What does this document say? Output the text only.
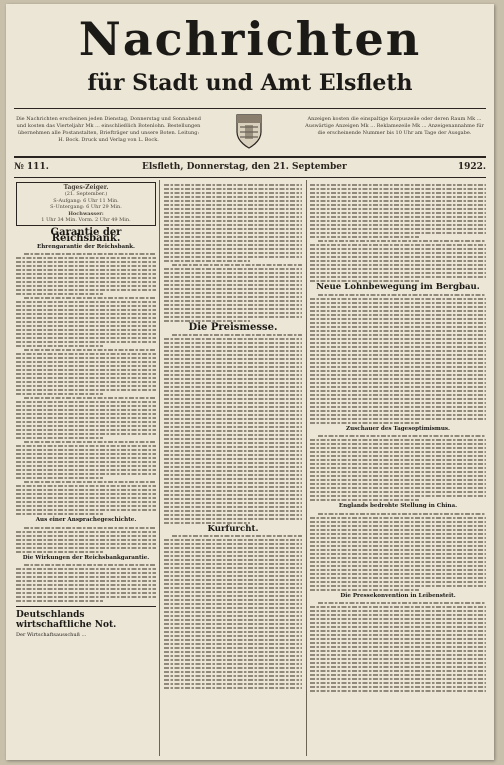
Nachrichten
für Stadt und Amt Elsfleth
Die Nachrichten erscheinen jeden Dienstag, Donnerstag und Sonnabend und kosten das Vierteljahr Mk ... einschließlich Botenlohn. Bestellungen übernehmen alle Postanstalten, Briefträger und unsere Boten. Leitung: H. Bock. Druck und Verlag von L. Bock.
Anzeigen kosten die einspaltige Korpuszeile oder deren Raum Mk ... Auswärtige Anzeigen Mk ... Reklamezeile Mk ... Anzeigenannahme für die erscheinende Nummer bis 10 Uhr am Tage der Ausgabe.
№ 111.	Elsfleth, Donnerstag, den 21. September	1922.
Tages-Zeiger.
(21. September.)
S-Aufgang: 6 Uhr 11 Min.
S-Untergang: 6 Uhr 29 Min.
Hochwasser:
1 Uhr 34 Min. Vorm. 2 Uhr 49 Min.
Garantie der Reichsbank.
Ehrengarantie der Reichsbank.
Aus einer Ansprachegeschichte.
Die Wirkungen der Reichsbankgarantie.
Deutschlands wirtschaftliche Not.
Der Wirtschaftsausschuß ...
Die Preismesse.
Kurfurcht.
Neue Lohnbewegung im Bergbau.
Zuschauer des Tagesoptimismus.
Englands bedrohte Stellung in China.
Die Pressekonvention in Leibensteit.
